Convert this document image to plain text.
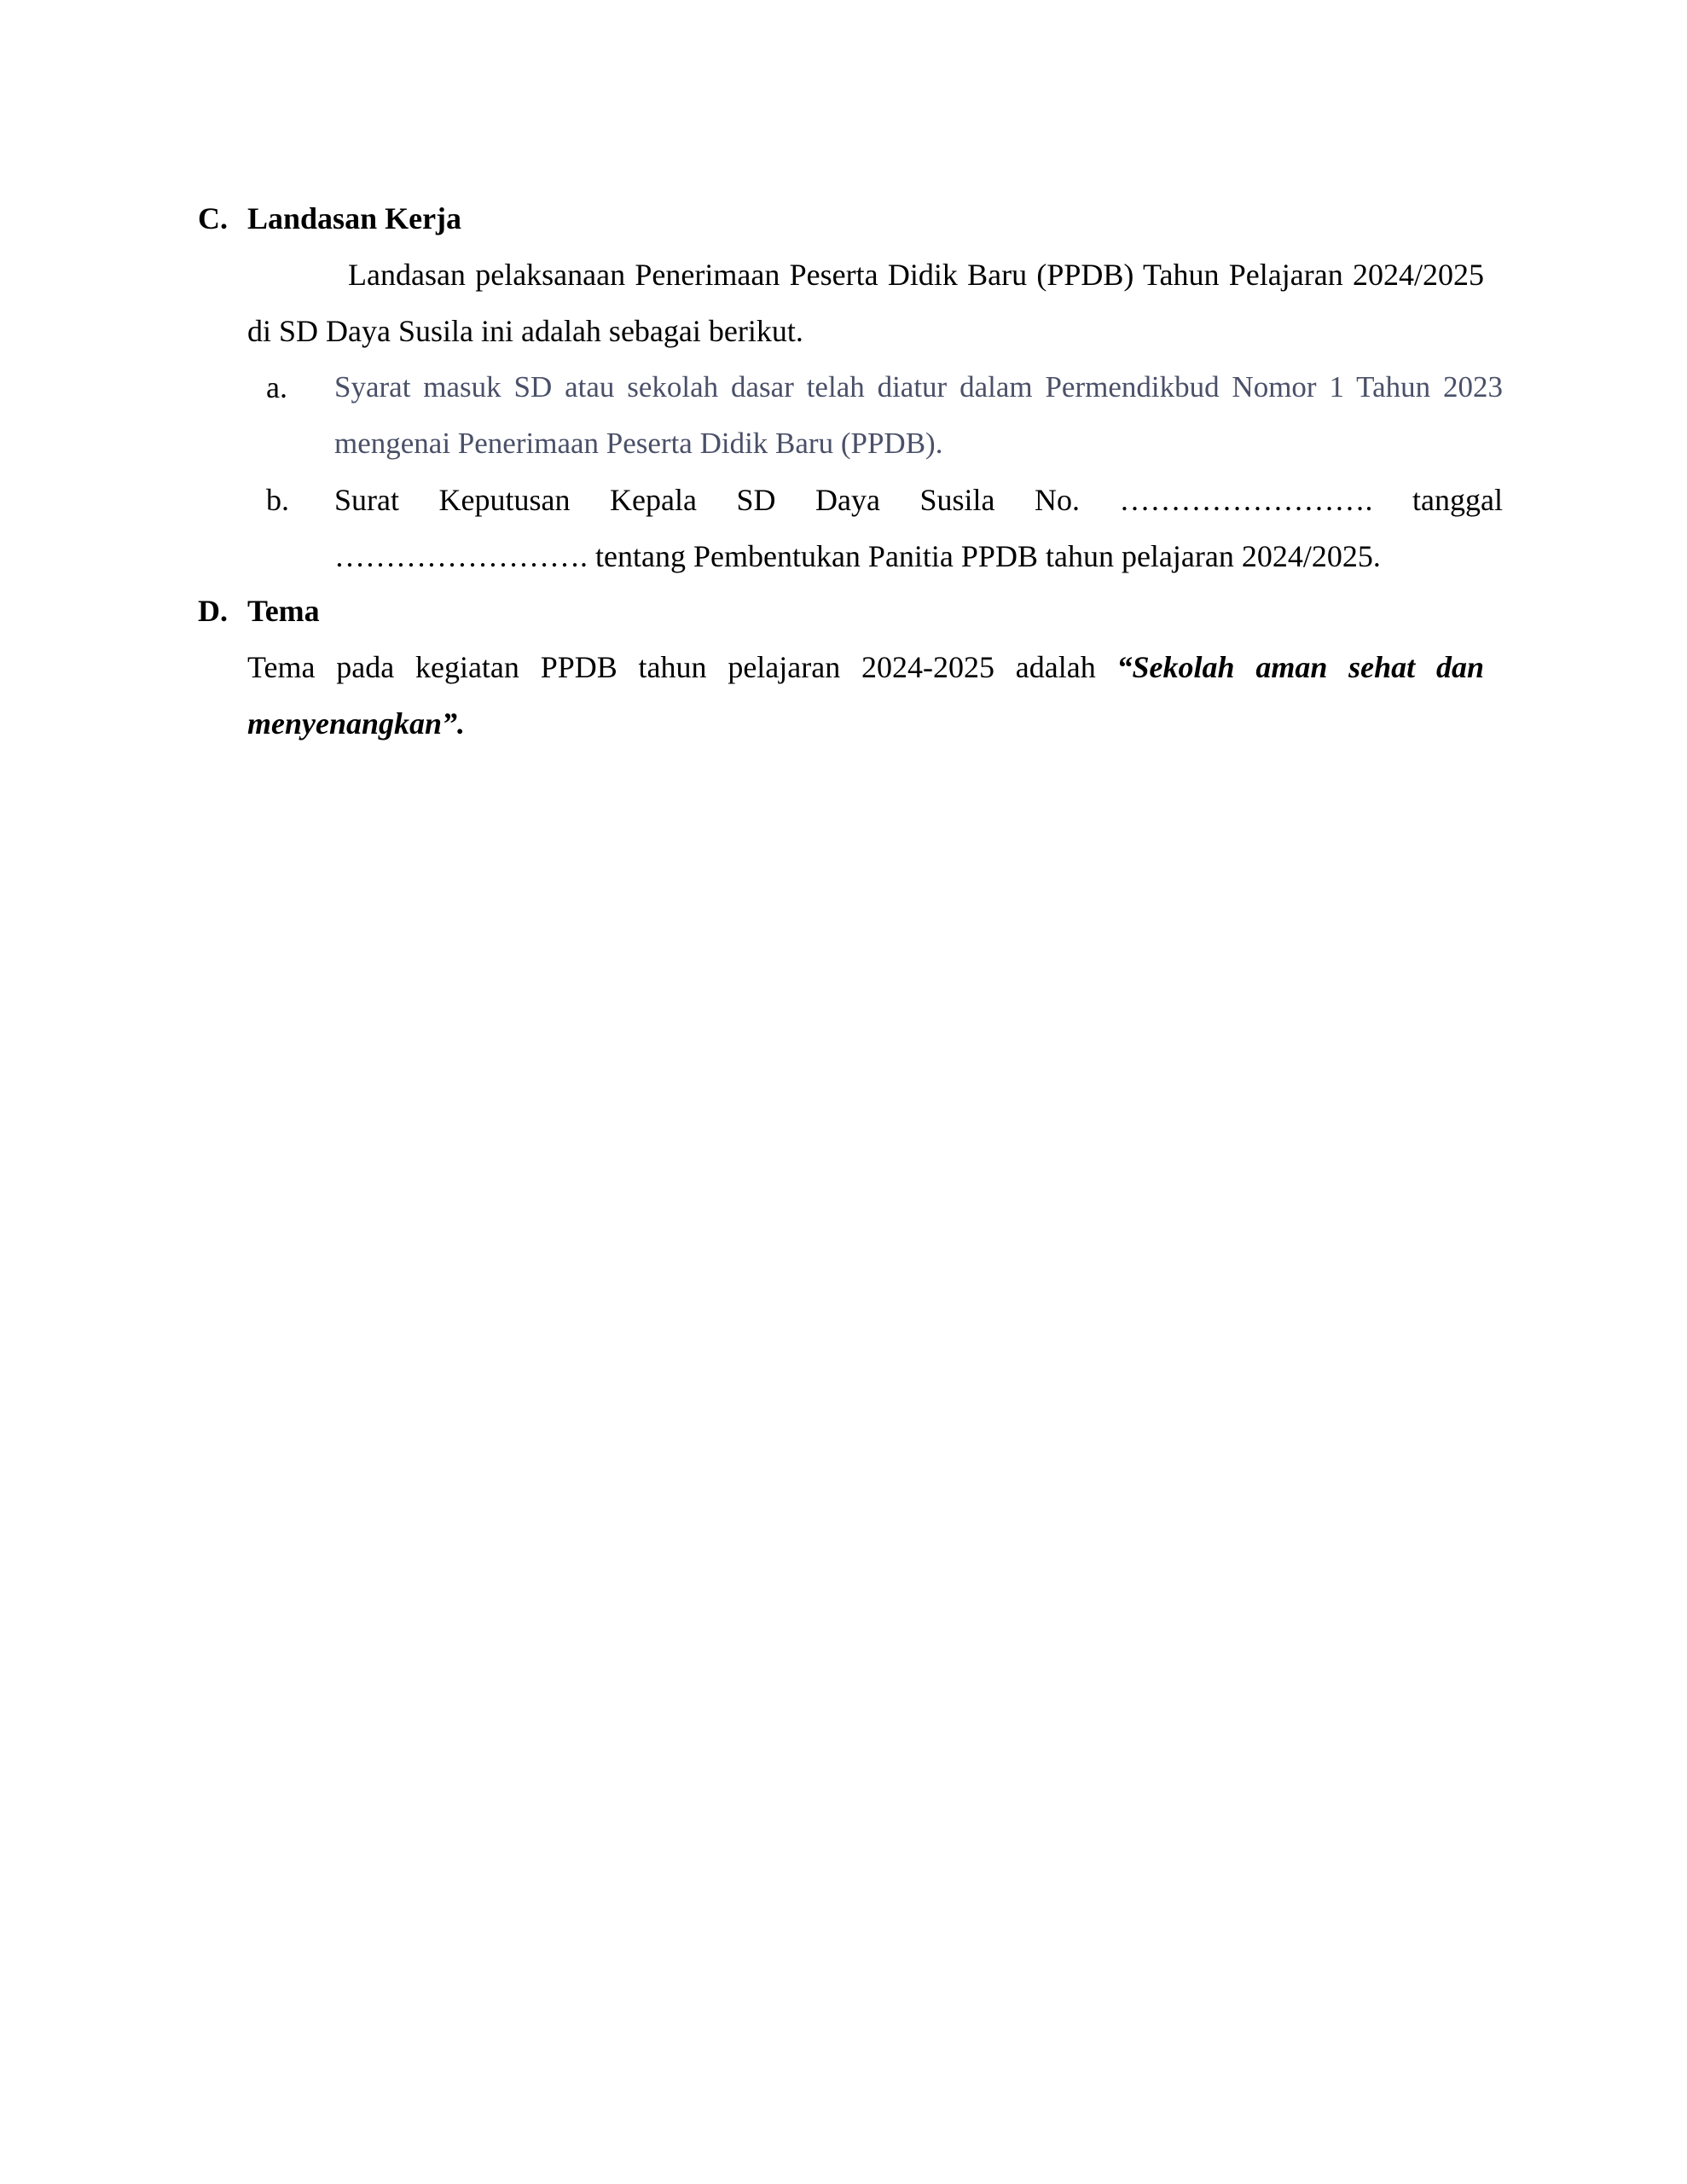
C. Landasan Kerja
Landasan pelaksanaan Penerimaan Peserta Didik Baru (PPDB) Tahun Pelajaran 2024/2025 di SD Daya Susila ini adalah sebagai berikut.
a. Syarat masuk SD atau sekolah dasar telah diatur dalam Permendikbud Nomor 1 Tahun 2023 mengenai Penerimaan Peserta Didik Baru (PPDB).
b. Surat Keputusan Kepala SD Daya Susila No. ……………………. tanggal ……………………. tentang Pembentukan Panitia PPDB tahun pelajaran 2024/2025.
D. Tema
Tema pada kegiatan PPDB tahun pelajaran 2024-2025 adalah “Sekolah aman sehat dan menyenangkan”.
